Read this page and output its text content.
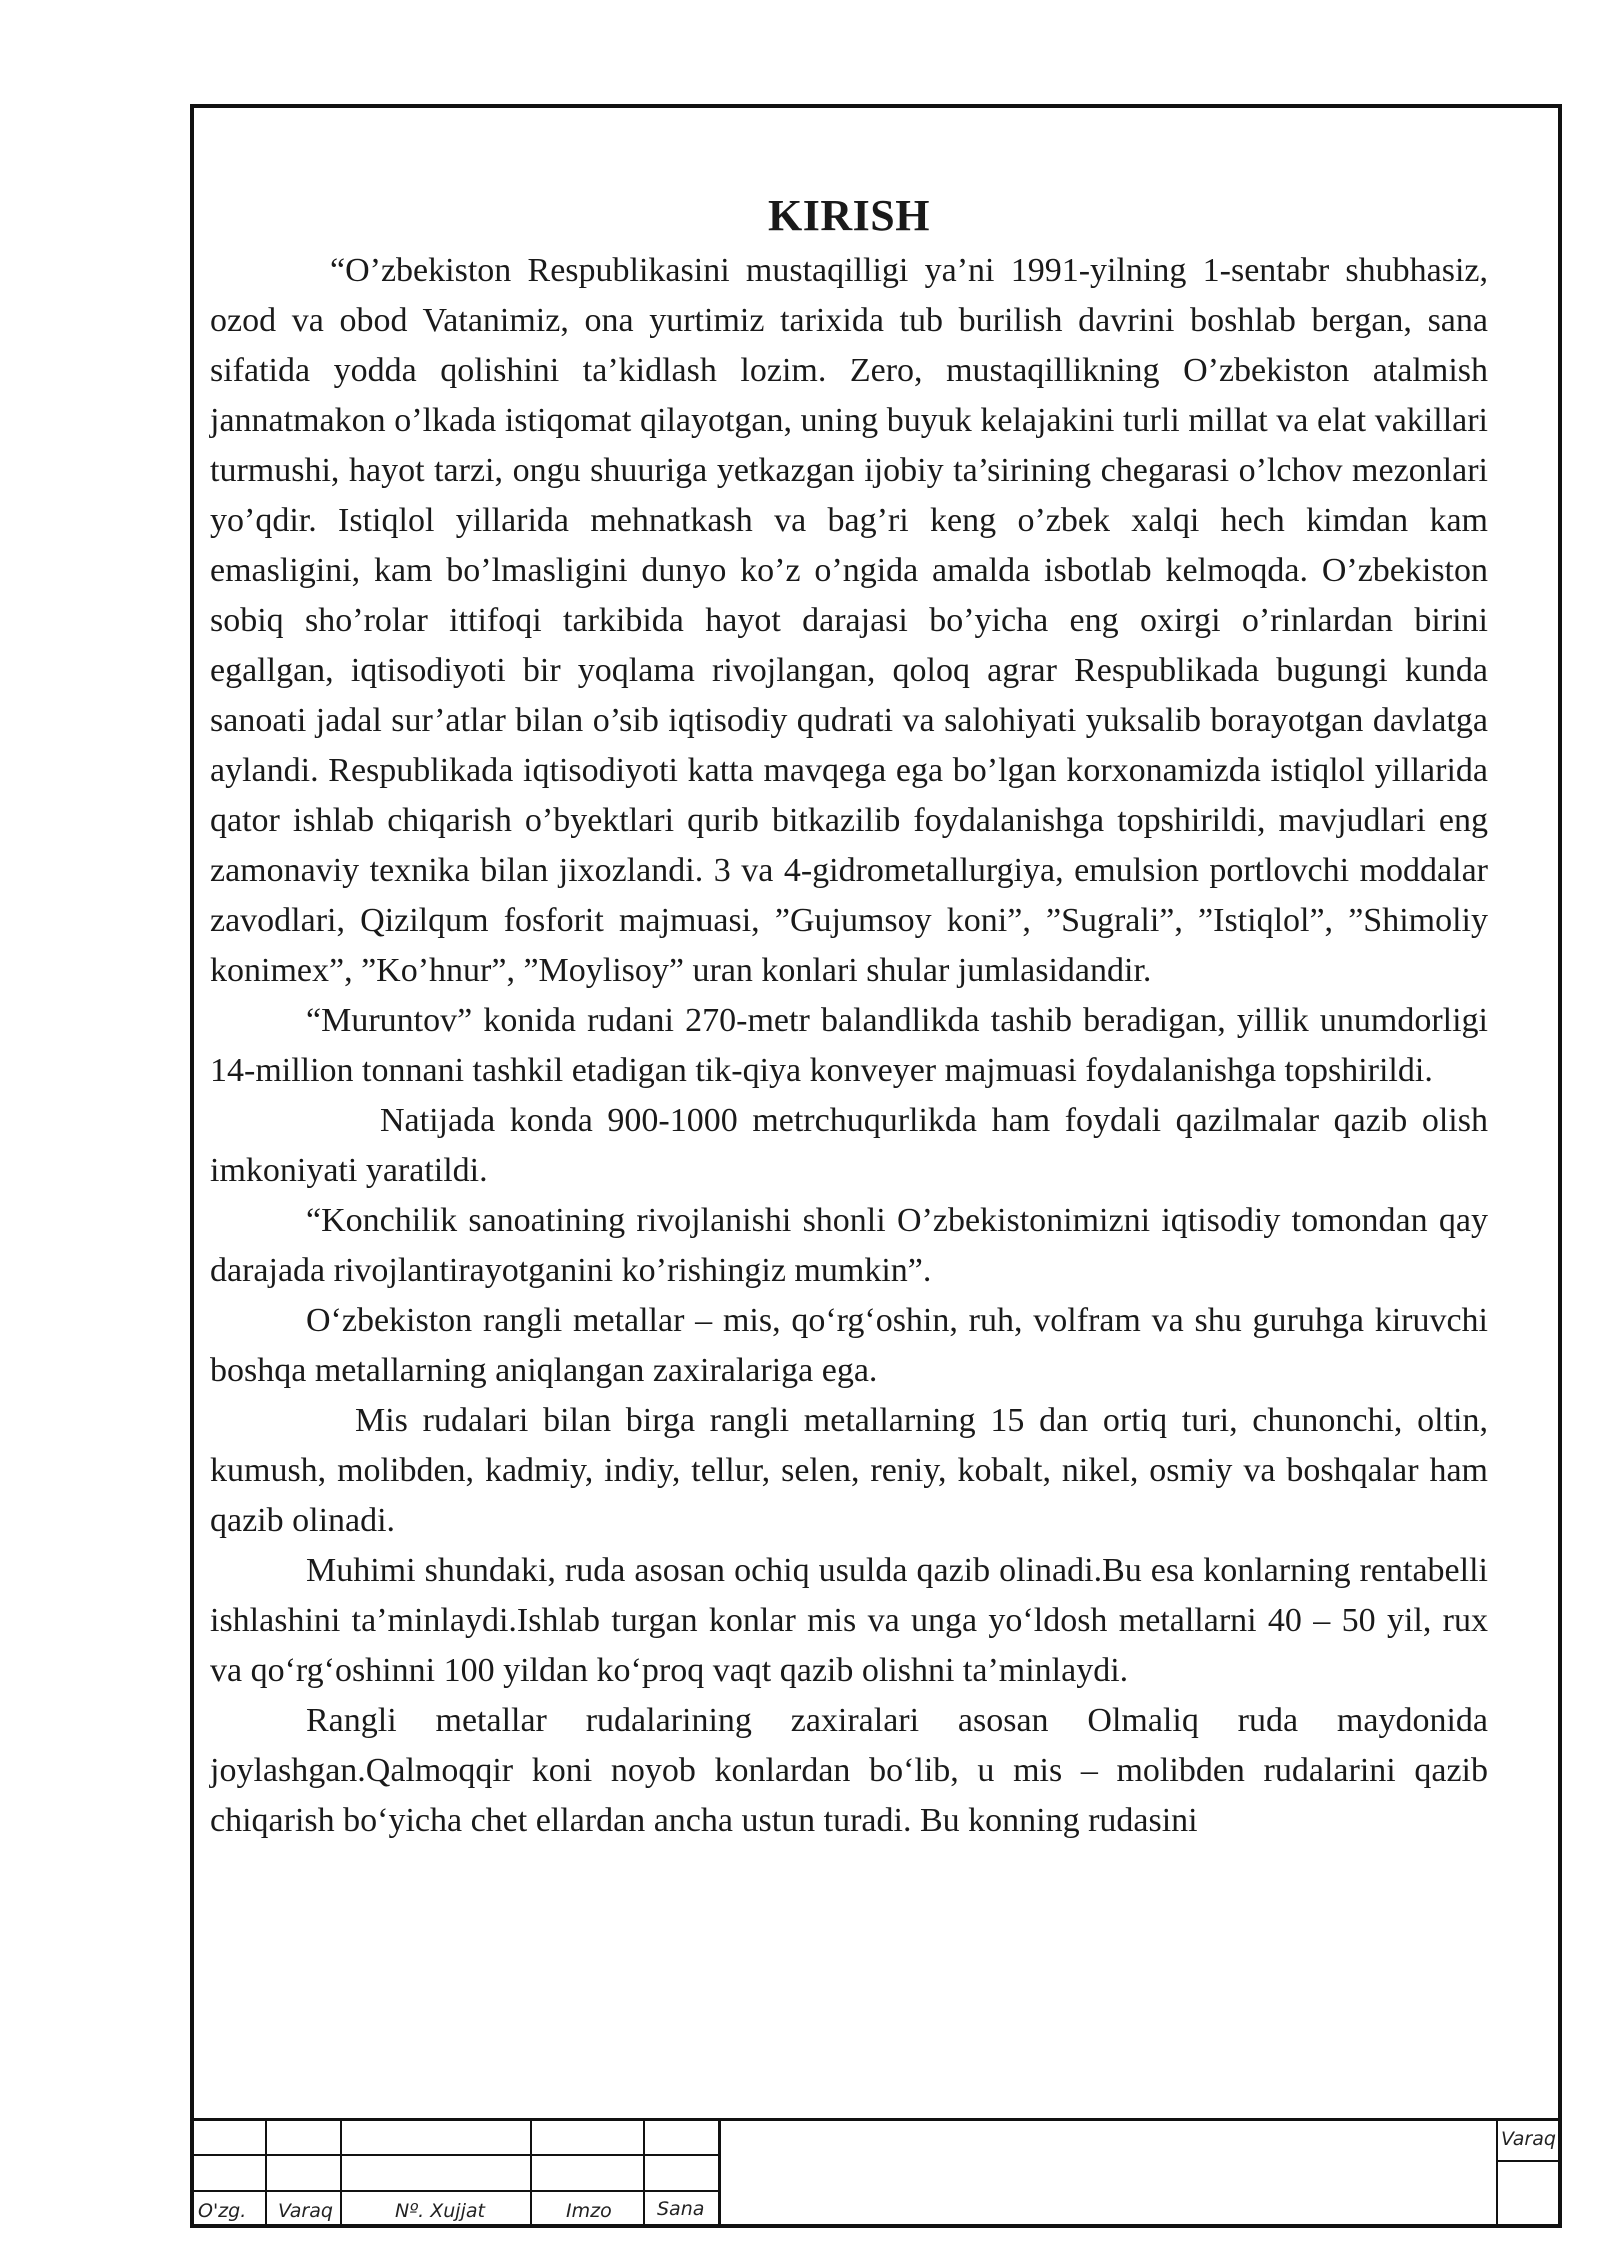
KIRISH

“O’zbekiston Respublikasini mustaqilligi ya’ni 1991-yilning 1-sentabr shubhasiz, ozod va obod Vatanimiz, ona yurtimiz tarixida tub burilish davrini boshlab bergan, sana sifatida yodda qolishini ta’kidlash lozim. Zero, mustaqillikning O’zbekiston atalmish jannatmakon o’lkada istiqomat qilayotgan, uning buyuk kelajakini turli millat va elat vakillari turmushi, hayot tarzi, ongu shuuriga yetkazgan ijobiy ta’sirining chegarasi o’lchov mezonlari yo’qdir. Istiqlol yillarida mehnatkash va bag’ri keng o’zbek xalqi hech kimdan kam emasligini, kam bo’lmasligini dunyo ko’z o’ngida amalda isbotlab kelmoqda. O’zbekiston sobiq sho’rolar ittifoqi tarkibida hayot darajasi bo’yicha eng oxirgi o’rinlardan birini egallgan, iqtisodiyoti bir yoqlama rivojlangan, qoloq agrar Respublikada bugungi kunda sanoati jadal sur’atlar bilan o’sib iqtisodiy qudrati va salohiyati yuksalib borayotgan davlatga aylandi. Respublikada iqtisodiyoti katta mavqega ega bo’lgan korxonamizda istiqlol yillarida qator ishlab chiqarish o’byektlari qurib bitkazilib foydalanishga topshirildi, mavjudlari eng zamonaviy texnika bilan jixozlandi. 3 va 4-gidrometallurgiya, emulsion portlovchi moddalar zavodlari, Qizilqum fosforit majmuasi, ”Gujumsoy koni”, ”Sugrali”, ”Istiqlol”, ”Shimoliy konimex”, ”Ko’hnur”, ”Moylisoy” uran konlari shular jumlasidandir.

“Muruntov” konida rudani 270-metr balandlikda tashib beradigan, yillik unumdorligi 14-million tonnani tashkil etadigan tik-qiya konveyer majmuasi foydalanishga topshirildi.

Natijada konda 900-1000 metrchuqurlikda ham foydali qazilmalar qazib olish imkoniyati yaratildi.

“Konchilik sanoatining rivojlanishi shonli O’zbekistonimizni iqtisodiy tomondan qay darajada rivojlantirayotganini ko’rishingiz mumkin”.

O‘zbekiston rangli metallar – mis, qo‘rg‘oshin, ruh, volfram va shu guruhga kiruvchi boshqa metallarning aniqlangan zaxiralariga ega.

Mis rudalari bilan birga rangli metallarning 15 dan ortiq turi, chunonchi, oltin, kumush, molibden, kadmiy, indiy, tellur, selen, reniy, kobalt, nikel, osmiy va boshqalar ham qazib olinadi.

Muhimi shundaki, ruda asosan ochiq usulda qazib olinadi.Bu esa konlarning rentabelli ishlashini ta’minlaydi.Ishlab turgan konlar mis va unga yo‘ldosh metallarni 40 – 50 yil, rux va qo‘rg‘oshinni 100 yildan ko‘proq vaqt qazib olishni ta’minlaydi.

Rangli metallar rudalarining zaxiralari asosan Olmaliq ruda maydonida joylashgan.Qalmoqqir koni noyob konlardan bo‘lib, u mis – molibden rudalarini qazib chiqarish bo‘yicha chet ellardan ancha ustun turadi. Bu konning rudasini

O'zg. Varaq	Nº. Xujjat	Imzo Sana
Varaq
